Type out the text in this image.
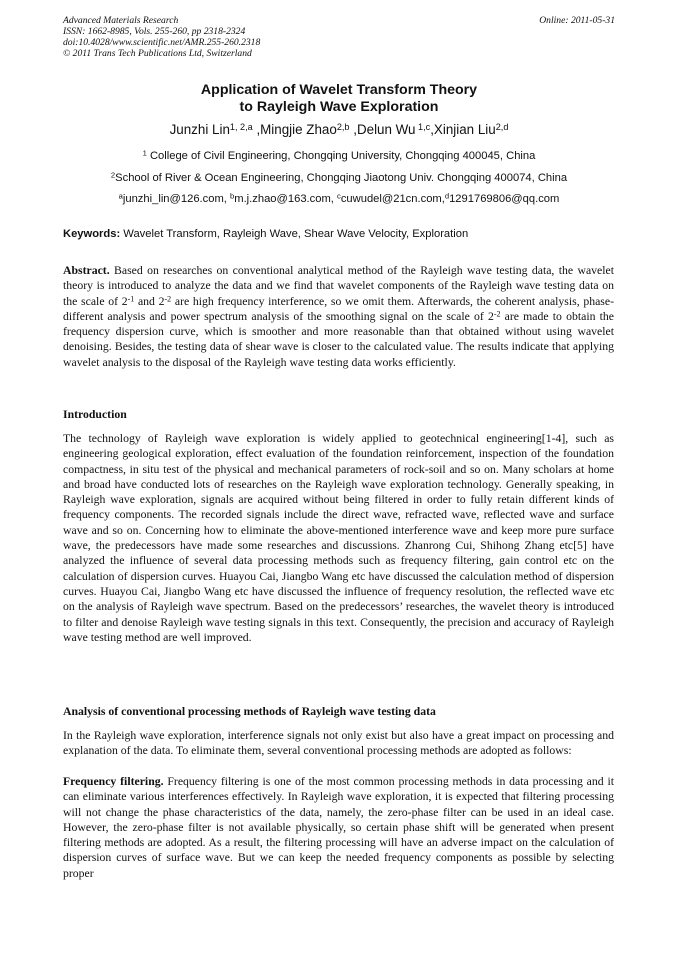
Advanced Materials Research
ISSN: 1662-8985, Vols. 255-260, pp 2318-2324
doi:10.4028/www.scientific.net/AMR.255-260.2318
© 2011 Trans Tech Publications Ltd, Switzerland
Online: 2011-05-31
Application of Wavelet Transform Theory
to Rayleigh Wave Exploration
Junzhi Lin$^{1, 2,a}$ ,Mingjie Zhao$^{2,b}$ ,Delun Wu $^{1,c}$,Xinjian Liu$^{2,d}$
$^1$ College of Civil Engineering, Chongqing University, Chongqing 400045, China
$^2$School of River & Ocean Engineering, Chongqing Jiaotong Univ. Chongqing 400074, China
$^a$junzhi_lin@126.com, $^b$m.j.zhao@163.com, $^c$cuwudel@21cn.com,$^d$1291769806@qq.com
Keywords: Wavelet Transform, Rayleigh Wave, Shear Wave Velocity, Exploration
Abstract. Based on researches on conventional analytical method of the Rayleigh wave testing data, the wavelet theory is introduced to analyze the data and we find that wavelet components of the Rayleigh wave testing data on the scale of $2^{-1}$ and $2^{-2}$ are high frequency interference, so we omit them. Afterwards, the coherent analysis, phase-different analysis and power spectrum analysis of the smoothing signal on the scale of $2^{-2}$ are made to obtain the frequency dispersion curve, which is smoother and more reasonable than that obtained without using wavelet denoising. Besides, the testing data of shear wave is closer to the calculated value. The results indicate that applying wavelet analysis to the disposal of the Rayleigh wave testing data works efficiently.
Introduction
The technology of Rayleigh wave exploration is widely applied to geotechnical engineering[1-4], such as engineering geological exploration, effect evaluation of the foundation reinforcement, inspection of the foundation compactness, in situ test of the physical and mechanical parameters of rock-soil and so on. Many scholars at home and broad have conducted lots of researches on the Rayleigh wave exploration technology. Generally speaking, in Rayleigh wave exploration, signals are acquired without being filtered in order to fully retain different kinds of frequency components. The recorded signals include the direct wave, refracted wave, reflected wave and surface wave and so on. Concerning how to eliminate the above-mentioned interference wave and keep more pure surface wave, the predecessors have made some researches and discussions. Zhanrong Cui, Shihong Zhang etc[5] have analyzed the influence of several data processing methods such as frequency filtering, gain control etc on the calculation of dispersion curves. Huayou Cai, Jiangbo Wang etc have discussed the calculation method of dispersion curves. Huayou Cai, Jiangbo Wang etc have discussed the influence of frequency resolution, the reflected wave etc on the analysis of Rayleigh wave spectrum. Based on the predecessors’ researches, the wavelet theory is introduced to filter and denoise Rayleigh wave testing signals in this text. Consequently, the precision and accuracy of Rayleigh wave testing method are well improved.
Analysis of conventional processing methods of Rayleigh wave testing data
In the Rayleigh wave exploration, interference signals not only exist but also have a great impact on processing and explanation of the data. To eliminate them, several conventional processing methods are adopted as follows:
Frequency filtering. Frequency filtering is one of the most common processing methods in data processing and it can eliminate various interferences effectively. In Rayleigh wave exploration, it is expected that filtering processing will not change the phase characteristics of the data, namely, the zero-phase filter can be used in an ideal case. However, the zero-phase filter is not available physically, so certain phase shift will be generated when present filtering methods are adopted. As a result, the filtering processing will have an adverse impact on the calculation of dispersion curves of surface wave. But we can keep the needed frequency components as possible by selecting proper
